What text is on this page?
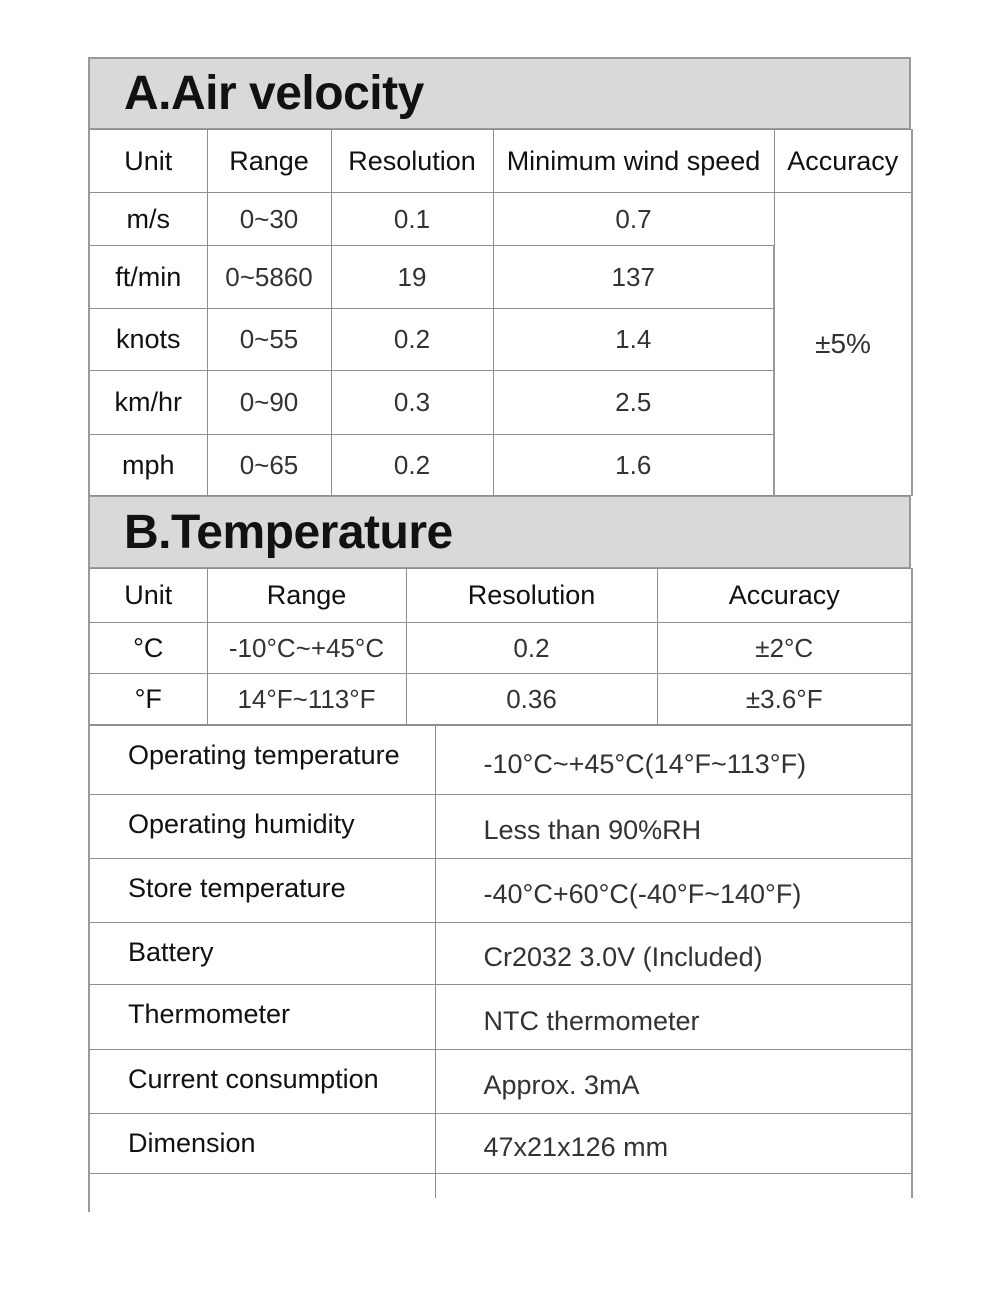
A.Air velocity
Unit	Range	Resolution	Minimum wind speed	Accuracy
m/s	0~30	0.1	0.7	±5%
ft/min	0~5860	19	137	
knots	0~55	0.2	1.4	
km/hr	0~90	0.3	2.5	
mph	0~65	0.2	1.6	
B.Temperature
Unit	Range	Resolution	Accuracy
°C	-10°C~+45°C	0.2	±2°C
°F	14°F~113°F	0.36	±3.6°F
Operating temperature	-10°C~+45°C(14°F~113°F)
Operating humidity	Less than 90%RH
Store temperature	-40°C+60°C(-40°F~140°F)
Battery	Cr2032 3.0V (Included)
Thermometer	NTC thermometer
Current consumption	Approx. 3mA
Dimension	47x21x126 mm
